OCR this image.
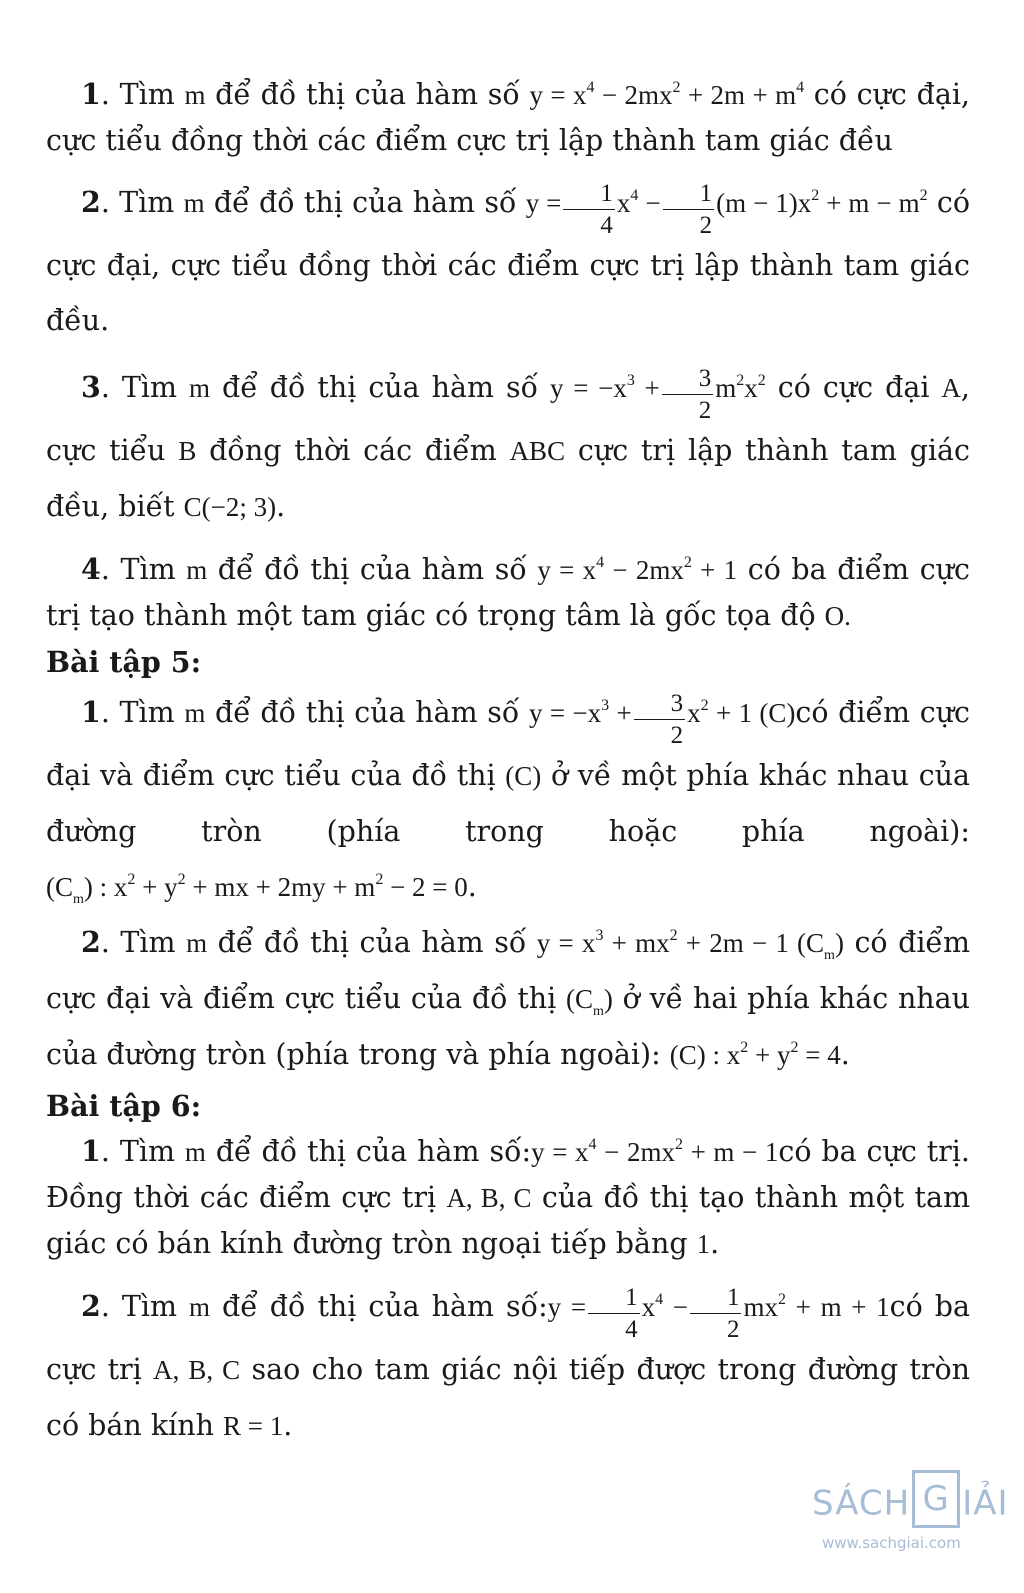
1. Tìm m để đồ thị của hàm số $y = x^4 - 2mx^2 + 2m + m^4$ có cực đại, cực tiểu đồng thời các điểm cực trị lập thành tam giác đều

2. Tìm m để đồ thị của hàm số $y = \frac{1}{4} x^4 - \frac{1}{2} (m - 1)x^2 + m - m^2$ có cực đại, cực tiểu đồng thời các điểm cực trị lập thành tam giác đều.

3. Tìm m để đồ thị của hàm số $y = -x^3 + \frac{3}{2} m^2x^2$ có cực đại A, cực tiểu B đồng thời các điểm ABC cực trị lập thành tam giác đều, biết C(−2; 3).

4. Tìm m để đồ thị của hàm số $y = x^4 - 2mx^2 + 1$ có ba điểm cực trị tạo thành một tam giác có trọng tâm là gốc tọa độ O.

Bài tập 5:

1. Tìm m để đồ thị của hàm số $y = -x^3 + \frac{3}{2} x^2 + 1$ (C)có điểm cực đại và điểm cực tiểu của đồ thị (C) ở về một phía khác nhau của đường tròn (phía trong hoặc phía ngoài): $(C_m)$ : $x^2 + y^2$ + mx + $2my + m^2 - 2 = 0$.

2. Tìm m để đồ thị của hàm số $y = x^3 + mx^2 + 2m - 1$ $(C_m)$ có điểm cực đại và điểm cực tiểu của đồ thị $(C_m)$ ở về hai phía khác nhau của đường tròn (phía trong và phía ngoài): (C) : $x^2 + y^2 = 4$.

Bài tập 6:

1. Tìm m để đồ thị của hàm số:y = $x^4 - 2mx^2 + m$ − 1có ba cực trị. Đồng thời các điểm cực trị A, B, C của đồ thị tạo thành một tam giác có bán kính đường tròn ngoại tiếp bằng 1.

2. Tìm m để đồ thị của hàm số:y = $\frac{1}{4} x^4 - \frac{1}{2} mx^2 + m$ + 1có ba cực trị A, B, C sao cho tam giác nội tiếp được trong đường tròn có bán kính R = 1.

SÁCH G IẢI
www.sachgiai.com
